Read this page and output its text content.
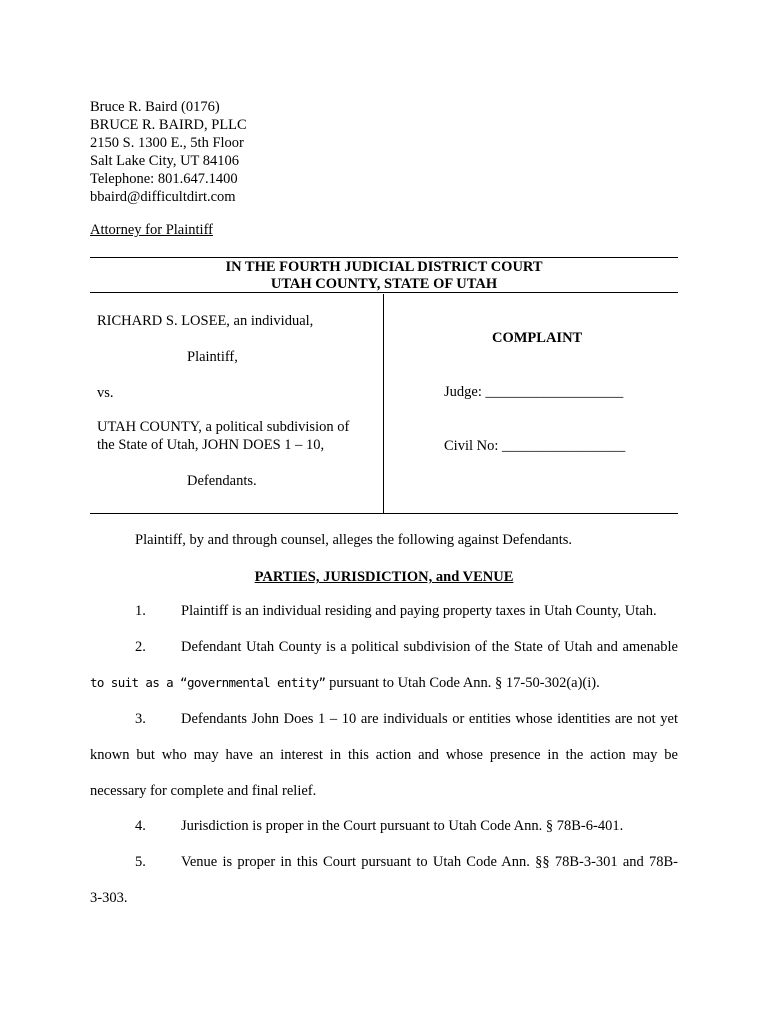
Bruce R. Baird (0176)
BRUCE R. BAIRD, PLLC
2150 S. 1300 E., 5th Floor
Salt Lake City, UT 84106
Telephone: 801.647.1400
bbaird@difficultdirt.com
Attorney for Plaintiff
IN THE FOURTH JUDICIAL DISTRICT COURT
UTAH COUNTY, STATE OF UTAH
RICHARD S. LOSEE, an individual,
Plaintiff,
vs.
UTAH COUNTY, a political subdivision of
the State of Utah, JOHN DOES 1 – 10,
Defendants.
COMPLAINT
Judge: ___________________
Civil No: _________________
Plaintiff, by and through counsel, alleges the following against Defendants.
PARTIES, JURISDICTION, and VENUE
1. Plaintiff is an individual residing and paying property taxes in Utah County, Utah.
2. Defendant Utah County is a political subdivision of the State of Utah and amenable
to suit as a “governmental entity” pursuant to Utah Code Ann. § 17-50-302(a)(i).
3. Defendants John Does 1 – 10 are individuals or entities whose identities are not yet
known but who may have an interest in this action and whose presence in the action may be
necessary for complete and final relief.
4. Jurisdiction is proper in the Court pursuant to Utah Code Ann. § 78B-6-401.
5. Venue is proper in this Court pursuant to Utah Code Ann. §§ 78B-3-301 and 78B-
3-303.
